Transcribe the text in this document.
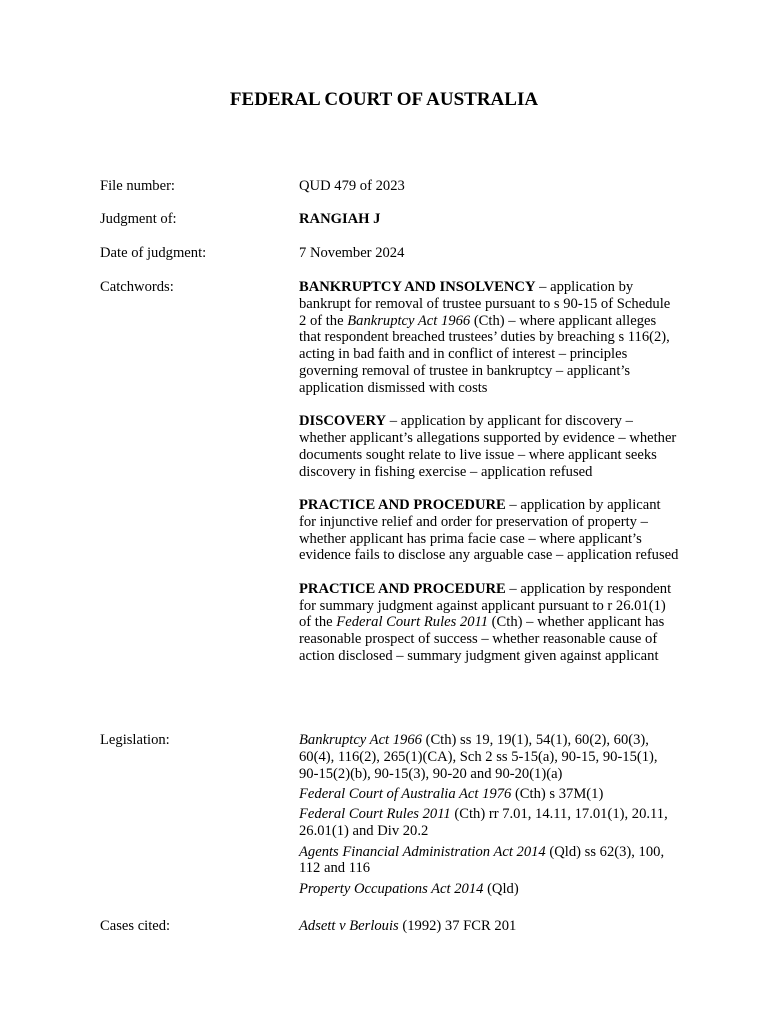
FEDERAL COURT OF AUSTRALIA
File number:	QUD 479 of 2023
Judgment of:	RANGIAH J
Date of judgment:	7 November 2024
Catchwords:	BANKRUPTCY AND INSOLVENCY – application by bankrupt for removal of trustee pursuant to s 90-15 of Schedule 2 of the Bankruptcy Act 1966 (Cth) – where applicant alleges that respondent breached trustees’ duties by breaching s 116(2), acting in bad faith and in conflict of interest – principles governing removal of trustee in bankruptcy – applicant’s application dismissed with costs

DISCOVERY – application by applicant for discovery – whether applicant’s allegations supported by evidence – whether documents sought relate to live issue – where applicant seeks discovery in fishing exercise – application refused

PRACTICE AND PROCEDURE – application by applicant for injunctive relief and order for preservation of property – whether applicant has prima facie case – where applicant’s evidence fails to disclose any arguable case – application refused

PRACTICE AND PROCEDURE – application by respondent for summary judgment against applicant pursuant to r 26.01(1) of the Federal Court Rules 2011 (Cth) – whether applicant has reasonable prospect of success – whether reasonable cause of action disclosed – summary judgment given against applicant

Legislation:	Bankruptcy Act 1966 (Cth) ss 19, 19(1), 54(1), 60(2), 60(3), 60(4), 116(2), 265(1)(CA), Sch 2 ss 5-15(a), 90-15, 90-15(1), 90-15(2)(b), 90-15(3), 90-20 and 90-20(1)(a)

Federal Court of Australia Act 1976 (Cth) s 37M(1)

Federal Court Rules 2011 (Cth) rr 7.01, 14.11, 17.01(1), 20.11, 26.01(1) and Div 20.2

Agents Financial Administration Act 2014 (Qld) ss 62(3), 100, 112 and 116

Property Occupations Act 2014 (Qld)

Cases cited:	Adsett v Berlouis (1992) 37 FCR 201
